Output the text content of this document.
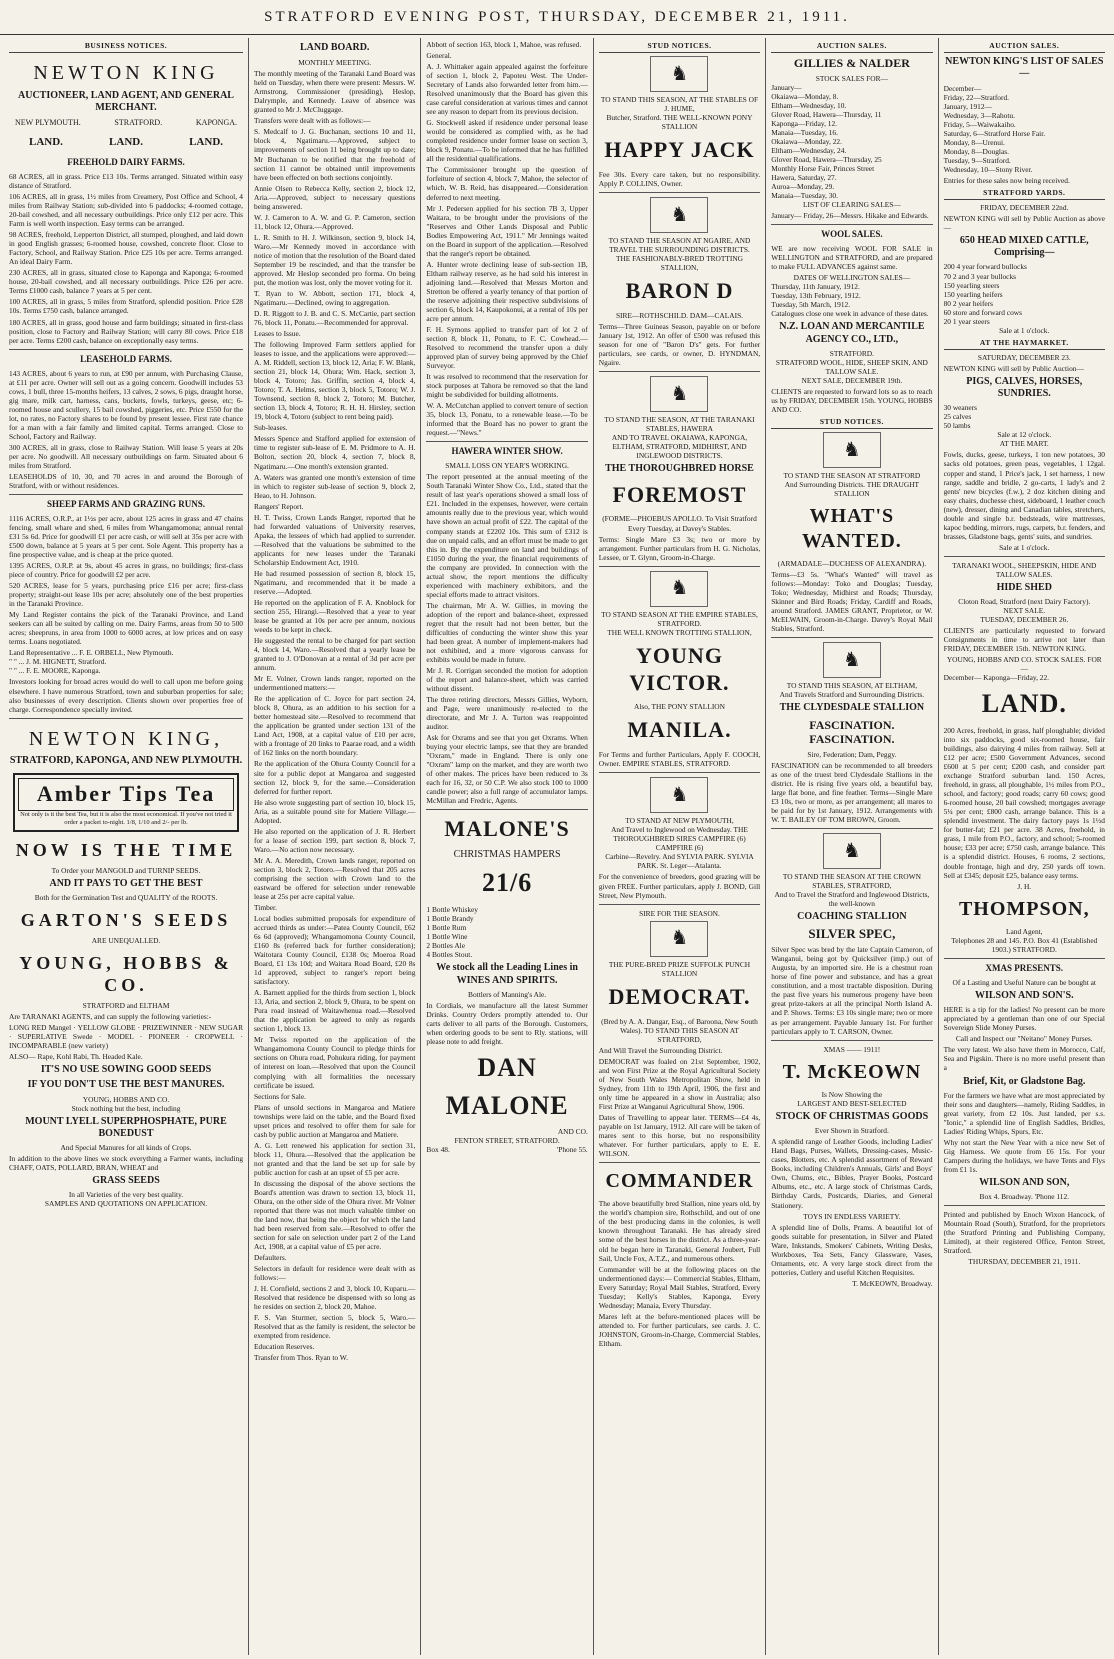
STRATFORD EVENING POST, THURSDAY, DECEMBER 21, 1911.
BUSINESS NOTICES.
NEWTON KING
AUCTIONEER, LAND AGENT, AND GENERAL MERCHANT.
NEW PLYMOUTH.	STRATFORD.	KAPONGA.
LAND.	LAND.	LAND.
FREEHOLD DAIRY FARMS.

68 ACRES, all in grass. Price £13 10s. Terms arranged. Situated within easy distance of Stratford.

106 ACRES, all in grass, 1½ miles from Creamery, Post Office and School, 4 miles from Railway Station; sub-divided into 6 paddocks; 4-roomed cottage, 20-bail cowshed, and all necessary outbuildings. Price only £12 per acre. This Farm is well worth inspection. Easy terms can be arranged.

98 ACRES, freehold, Lepperton District, all stumped, ploughed, and laid down in good English grasses; 6-roomed house, cowshed, concrete floor. Close to Factory, School, and Railway Station. Price £25 10s per acre. Terms arranged. An ideal Dairy Farm.

230 ACRES, all in grass, situated close to Kaponga and Kaponga; 6-roomed house, 20-bail cowshed, and all necessary outbuildings. Price £26 per acre. Terms £1000 cash, balance 7 years at 5 per cent.

100 ACRES, all in grass, 5 miles from Stratford, splendid position. Price £28 10s. Terms £750 cash, balance arranged.

180 ACRES, all in grass, good house and farm buildings; situated in first-class position, close to Factory and Railway Station; will carry 80 cows. Price £18 per acre. Terms £200 cash, balance on exceptionally easy terms.

LEASEHOLD FARMS.

143 ACRES, about 6 years to run, at £90 per annum, with Purchasing Clause, at £11 per acre. Owner will sell out as a going concern. Goodwill includes 53 cows, 1 bull, three 15-months heifers, 13 calves, 2 sows, 6 pigs, draught horse, gig mare, milk cart, harness, cans, buckets, fowls, turkeys, geese, etc; 6-roomed house and scullery, 15 bail cowshed, piggeries, etc. Price £550 for the lot, no rates, no Factory shares to be found by present lessee. First rate chance for a man with a fair family and limited capital. Terms arranged. Close to School, Factory and Railway.

300 ACRES, all in grass, close to Railway Station. Will lease 5 years at 20s per acre. No goodwill. All necessary outbuildings on farm. Situated about 6 miles from Stratford.

LEASEHOLDS of 10, 30, and 70 acres in and around the Borough of Stratford, with or without residences.

SHEEP FARMS AND GRAZING RUNS.

1116 ACRES, O.R.P., at 1½s per acre, about 125 acres in grass and 47 chains fencing, small whare and shed, 6 miles from Whangamomona; annual rental £31 5s 6d. Price for goodwill £1 per acre cash, or will sell at 35s per acre with £500 down, balance at 5 years at 5 per cent. Sole Agent. This property has a fine prospective value, and is cheap at the price quoted.

1395 ACRES, O.R.P. at 9s, about 45 acres in grass, no buildings; first-class piece of country. Price for goodwill £2 per acre.

520 ACRES, lease for 5 years, purchasing price £16 per acre; first-class property; straight-out lease 10s per acre; absolutely one of the best properties in the Taranaki Province.

My Land Register contains the pick of the Taranaki Province, and Land seekers can all be suited by calling on me. Dairy Farms, areas from 50 to 500 acres; sheepruns, in area from 1000 to 6000 acres, at low prices and on easy terms. Loans negotiated.

Land Representative ... F. E. ORBELL, New Plymouth.
" " ... J. M. HIGNETT, Stratford.
" " ... F. E. MOORE, Kaponga.

Investors looking for broad acres would do well to call upon me before going elsewhere. I have numerous Stratford, town and suburban properties for sale; also businesses of every description. Clients shown over properties free of charge. Correspondence specially invited.

NEWTON KING,
STRATFORD, KAPONGA, AND NEW PLYMOUTH.
Amber Tips Tea
Not only is it the best Tea, but it is also the most economical. If you've not tried it order a packet to-night. 1/8, 1/10 and 2/- per lb.
NOW IS THE TIME
To Order your MANGOLD and TURNIP SEEDS.
AND IT PAYS TO GET THE BEST
Both for the Germination Test and QUALITY of the ROOTS.
GARTON'S SEEDS
ARE UNEQUALLED.
YOUNG, HOBBS & CO.
STRATFORD and ELTHAM

Are TARANAKI AGENTS, and can supply the following varieties:-

LONG RED Mangel · YELLOW GLOBE · PRIZEWINNER · NEW SUGAR · SUPERLATIVE Swede · MODEL · PIONEER · CROPWELL · INCOMPARABLE (new variety)

ALSO— Rape, Kohl Rabi, Th. Headed Kale.

IT'S NO USE SOWING GOOD SEEDS
IF YOU DON'T USE THE BEST MANURES.
YOUNG, HOBBS AND CO.
Stock nothing but the best, including
MOUNT LYELL SUPERPHOSPHATE, PURE BONEDUST
And Special Manures for all kinds of Crops.

In addition to the above lines we stock everything a Farmer wants, including CHAFF, OATS, POLLARD, BRAN, WHEAT and

GRASS SEEDS
In all Varieties of the very best quality.
SAMPLES AND QUOTATIONS ON APPLICATION.
LAND BOARD.
MONTHLY MEETING.

The monthly meeting of the Taranaki Land Board was held on Tuesday, when there were present: Messrs. W. Armstrong, Commissioner (presiding), Heslop, Dalrymple, and Kennedy. Leave of absence was granted to Mr J. McCluggage.

Transfers were dealt with as follows:—

S. Medcalf to J. G. Buchanan, sections 10 and 11, block 4, Ngatimaru.—Approved, subject to improvements of section 11 being brought up to date; Mr Buchanan to be notified that the freehold of section 11 cannot be obtained until improvements have been effected on both sections conjointly.

Annie Olsen to Rebecca Kelly, section 2, block 12, Aria.—Approved, subject to necessary questions being answered.

W. J. Cameron to A. W. and G. P. Cameron, section 11, block 12, Ohura.—Approved.

L. R. Smith to H. J. Wilkinson, section 9, block 14, Waro.—Mr Kennedy moved in accordance with notice of motion that the resolution of the Board dated September 19 be rescinded, and that the transfer be approved. Mr Heslop seconded pro forma. On being put, the motion was lost, only the mover voting for it.

T. Ryan to W. Abbott, section 171, block 4, Ngatimaru.—Declined, owing to aggregation.

D. R. Riggott to J. B. and C. S. McCartie, part section 76, block 11, Ponatu.—Recommended for approval.

Leases to Issue.

The following Improved Farm settlers applied for leases to issue, and the applications were approved:—A. M. Riddell, section 13, block 12, Aria; F. W. Blank, section 21, block 14, Ohura; Wm. Hack, section 3, block 4, Totoro; Jas. Griffin, section 4, block 4, Totoro; T. A. Helms, section 3, block 5, Totoro; W. J. Townsend, section 8, block 2, Totoro; M. Butcher, section 13, block 4, Totoro; R. H. H. Hirsley, section 19, block 4, Totoro (subject to rent being paid).

Sub-leases.

Messrs Spence and Stafford applied for extension of time to register sub-lease of E. M. Pridmore to A. H. Bolton, section 20, block 4, section 7, block 8, Ngatimaru.—One month's extension granted.

A. Waters was granted one month's extension of time in which to register sub-lease of section 9, block 2, Heao, to H. Johnson.

Rangers' Report.

H. T. Twiss, Crown Lands Ranger, reported that he had forwarded valuations of University reserves, Apaka, the lessees of which had applied to surrender.—Resolved that the valuations be submitted to the applicants for new leases under the Taranaki Scholarship Endowment Act, 1910.

He had resumed possession of section 8, block 15, Ngatimaru, and recommended that it be made a reserve.—Adopted.

He reported on the application of F. A. Knoblock for section 255, Hirangi.—Resolved that a year to year lease be granted at 10s per acre per annum, noxious weeds to be kept in check.

He suggested the rental to be charged for part section 4, block 14, Waro.—Resolved that a yearly lease be granted to J. O'Donovan at a rental of 3d per acre per annum.

Mr E. Volner, Crown lands ranger, reported on the undermentioned matters:—

Re the application of C. Joyce for part section 24, block 8, Ohura, as an addition to his section for a better homestead site.—Resolved to recommend that the application be granted under section 131 of the Land Act, 1908, at a capital value of £10 per acre, with a frontage of 20 links to Paarae road, and a width of 162 links on the north boundary.

Re the application of the Ohura County Council for a site for a public depot at Mangaroa and suggested section 12, block 9, for the same.—Consideration deferred for further report.

He also wrote suggesting part of section 10, block 15, Aria, as a suitable pound site for Matiere Village.—Adopted.

He also reported on the application of J. R. Herbert for a lease of section 199, part section 8, block 7, Waro.—No action now necessary.

Mr A. A. Meredith, Crown lands ranger, reported on section 3, block 2, Totoro.—Resolved that 205 acres comprising the section with Crown land to the eastward be offered for selection under renewable lease at 25s per acre capital value.

Timber.

Local bodies submitted proposals for expenditure of accrued thirds as under:—Patea County Council, £62 6s 6d (approved); Whangamomona County Council, £160 8s (referred back for further consideration); Waitotara County Council, £138 0s; Moeroa Road Board, £1 13s 10d; and Waitara Road Board, £20 8s 1d approved, subject to ranger's report being satisfactory.

A. Barnett applied for the thirds from section 1, block 13, Aria, and section 2, block 9, Ohura, to be spent on Pura road instead of Waitawhenua road.—Resolved that the application be agreed to only as regards section 1, block 13.

Mr Twiss reported on the application of the Whangamomona County Council to pledge thirds for sections on Ohura road, Pohukura riding, for payment of interest on loan.—Resolved that upon the Council complying with all formalities the necessary certificate be issued.

Sections for Sale.

Plans of unsold sections in Mangaroa and Matiere townships were laid on the table, and the Board fixed upset prices and resolved to offer them for sale for cash by public auction at Mangaroa and Matiere.

A. G. Lett renewed his application for section 31, block 11, Ohura.—Resolved that the application be not granted and that the land be set up for sale by public auction for cash at an upset of £5 per acre.

In discussing the disposal of the above sections the Board's attention was drawn to section 13, block 11, Ohura, on the other side of the Ohura river. Mr Volner reported that there was not much valuable timber on the land now, that being the object for which the land had been reserved from sale.—Resolved to offer the section for sale on selection under part 2 of the Land Act, 1908, at a capital value of £5 per acre.

Defaulters.

Selectors in default for residence were dealt with as follows:—

J. H. Cornfield, sections 2 and 3, block 10, Kuparu.—Resolved that residence be dispensed with so long as he resides on section 2, block 20, Mahoe.

F. S. Van Sturmer, section 5, block 5, Waro.—Resolved that as the family is resident, the selector be exempted from residence.

Education Reserves.

Transfer from Thos. Ryan to W.

Abbott of section 163, block 1, Mahoe, was refused.

General.

A. J. Whittaker again appealed against the forfeiture of section 1, block 2, Papoteu West. The Under-Secretary of Lands also forwarded letter from him.—Resolved unanimously that the Board has given this case careful consideration at various times and cannot see any reason to depart from its previous decision.

G. Stockwell asked if residence under personal lease would be considered as complied with, as he had completed residence under former lease on section 3, block 9, Ponatu.—To be informed that he has fulfilled all the residential qualifications.

The Commissioner brought up the question of forfeiture of section 4, block 7, Mahoe, the selector of which, W. B. Reid, has disappeared.—Consideration deferred to next meeting.

Mr J. Pedersen applied for his section 7B 3, Upper Waitara, to be brought under the provisions of the "Reserves and Other Lands Disposal and Public Bodies Empowering Act, 1911." Mr Jennings waited on the Board in support of the application.—Resolved that the ranger's report be obtained.

A. Hunter wrote declining lease of sub-section 1B, Eltham railway reserve, as he had sold his interest in adjoining land.—Resolved that Messrs Morton and Stretton be offered a yearly tenancy of that portion of the reserve adjoining their respective subdivisions of section 6, block 14, Kaupokonui, at a rental of 10s per acre per annum.

F. H. Symons applied to transfer part of lot 2 of section 8, block 11, Ponatu, to F. C. Cowhead.—Resolved to recommend the transfer upon a duly approved plan of survey being approved by the Chief Surveyor.

It was resolved to recommend that the reservation for stock purposes at Tahora be removed so that the land might be subdivided for building allotments.

W. A. McCutchan applied to convert tenure of section 35, block 13, Ponatu, to a renewable lease.—To be informed that the Board has no power to grant the request.—"News."

HAWERA WINTER SHOW.
SMALL LOSS ON YEAR'S WORKING.

The report presented at the annual meeting of the South Taranaki Winter Show Co., Ltd., stated that the result of last year's operations showed a small loss of £21. Included in the expenses, however, were certain amounts really due to the previous year, which would have shown an actual profit of £22. The capital of the company stands at £2202 10s. This sum of £312 is due on unpaid calls, and an effort must be made to get this in. By the expenditure on land and buildings of £1050 during the year, the financial requirements of the company are provided. In connection with the actual show, the report mentions the difficulty experienced with machinery exhibitors, and the special efforts made to attract visitors.

The chairman, Mr A. W. Gillies, in moving the adoption of the report and balance-sheet, expressed regret that the result had not been better, but the difficulties of conducting the winter show this year had been great. A number of implement-makers had not exhibited, and a more vigorous canvass for exhibits would be made in future.

Mr J. R. Corrigan seconded the motion for adoption of the report and balance-sheet, which was carried without dissent.

The three retiring directors, Messrs Gillies, Wyborn, and Page, were unanimously re-elected to the directorate, and Mr J. A. Turton was reappointed auditor.

Ask for Oxrams and see that you get Oxrams. When buying your electric lamps, see that they are branded "Oxram," made in England. There is only one "Oxram" lamp on the market, and they are worth two of other makes. The prices have been reduced to 3s each for 16, 32, or 50 C.P. We also stock 100 to 1000 candle power; also a full range of accumulator lamps. McMillan and Fredric, Agents.

MALONE'S
CHRISTMAS HAMPERS
21/6
1 Bottle Whiskey
1 Bottle Brandy
1 Bottle Rum
1 Bottle Wine
2 Bottles Ale
4 Bottles Stout.
We stock all the Leading Lines in WINES AND SPIRITS.
Bottlers of Manning's Ale.

In Cordials, we manufacture all the latest Summer Drinks. Country Orders promptly attended to. Our carts deliver to all parts of the Borough. Customers, when ordering goods to be sent to Rly. stations, will please note to add freight.

DAN
MALONE
AND CO.
FENTON STREET, STRATFORD.
Box 48.	'Phone 55.
STUD NOTICES.
♞
TO STAND THIS SEASON, AT THE STABLES OF J. HUME,
Butcher, Stratford. THE WELL-KNOWN PONY STALLION
HAPPY JACK

Fee 30s. Every care taken, but no responsibility. Apply P. COLLINS, Owner.

♞
TO STAND THE SEASON AT NGAIRE, AND TRAVEL THE SURROUNDING DISTRICTS.
THE FASHIONABLY-BRED TROTTING STALLION,
BARON D
SIRE—ROTHSCHILD. DAM—CALAIS.

Terms—Three Guineas Season, payable on or before January 1st, 1912. An offer of £500 was refused this season for one of "Baron D's" gets. For further particulars, see cards, or owner, D. HYNDMAN, Ngaire.

♞
TO STAND THE SEASON, AT THE TARANAKI STABLES, HAWERA
AND TO TRAVEL OKAIAWA, KAPONGA, ELTHAM, STRATFORD, MIDHIRST, AND INGLEWOOD DISTRICTS.
THE THOROUGHBRED HORSE
FOREMOST
(FORME—PHOEBUS APOLLO. To Visit Stratford Every Tuesday, at Davey's Stables.

Terms: Single Mare £3 3s; two or more by arrangement. Further particulars from H. G. Nicholas, Lessee, or T. Glynn, Groom-in-Charge.

♞
TO STAND SEASON AT THE EMPIRE STABLES, STRATFORD.
THE WELL KNOWN TROTTING STALLION,
YOUNG VICTOR.
Also, THE PONY STALLION
MANILA.

For Terms and further Particulars, Apply F. COOCH, Owner. EMPIRE STABLES, STRATFORD.

♞
TO STAND AT NEW PLYMOUTH,
And Travel to Inglewood on Wednesday. THE THOROUGHBRED SIRES CAMPFIRE (6) CAMPFIRE (6)
Carbine—Revelry. And SYLVIA PARK. SYLVIA PARK. St. Leger—Atalanta.

For the convenience of breeders, good grazing will be given FREE. Further particulars, apply J. BOND, Gill Street, New Plymouth.

SIRE FOR THE SEASON.
♞
THE PURE-BRED PRIZE SUFFOLK PUNCH STALLION
DEMOCRAT.
(Bred by A. A. Dangar, Esq., of Baroona, New South Wales). TO STAND THIS SEASON AT STRATFORD,

And Will Travel the Surrounding District.

DEMOCRAT was foaled on 21st September, 1902, and won First Prize at the Royal Agricultural Society of New South Wales Metropolitan Show, held in Sydney, from 11th to 19th April, 1906, the first and only time he appeared in a show in Australia; also First Prize at Wanganui Agricultural Show, 1906.

Dates of Travelling to appear later. TERMS—£4 4s, payable on 1st January, 1912. All care will be taken of mares sent to this horse, but no responsibility whatever. For further particulars, apply to E. E. WILSON.

COMMANDER

The above beautifully bred Stallion, nine years old, by the world's champion sire, Rothschild, and out of one of the best producing dams in the colonies, is well known throughout Taranaki. He has already sired some of the best horses in the district. As a three-year-old he began here in Taranaki, General Joubert, Full Sail, Uncle Fox, A.T.Z., and numerous others.

Commander will be at the following places on the undermentioned days:— Commercial Stables, Eltham, Every Saturday; Royal Mail Stables, Stratford, Every Tuesday; Kelly's Stables, Kaponga, Every Wednesday; Manaia, Every Thursday.

Mares left at the before-mentioned places will be attended to. For further particulars, see cards. J. C. JOHNSTON, Groom-in-Charge, Commercial Stables, Eltham.

AUCTION SALES.
GILLIES & NALDER
STOCK SALES FOR—
January—
Okaiawa—Monday, 8.
Eltham—Wednesday, 10.
Glover Road, Hawera—Thursday, 11
Kaponga—Friday, 12.
Manaia—Tuesday, 16.
Okaiawa—Monday, 22.
Eltham—Wednesday, 24.
Glover Road, Hawera—Thursday, 25
Monthly Horse Fair, Princes Street
Hawera, Saturday, 27.
Auroa—Monday, 29.
Manaia—Tuesday, 30.
LIST OF CLEARING SALES—

January— Friday, 26—Messrs. Hikake and Edwards.

WOOL SALES.

WE are now receiving WOOL FOR SALE in WELLINGTON and STRATFORD, and are prepared to make FULL ADVANCES against same.

DATES OF WELLINGTON SALES—
Thursday, 11th January, 1912.
Tuesday, 13th February, 1912.
Tuesday, 5th March, 1912.
Catalogues close one week in advance of these dates.
N.Z. LOAN AND MERCANTILE AGENCY CO., LTD.,
STRATFORD.
STRATFORD WOOL, HIDE, SHEEP SKIN, AND TALLOW SALE.
NEXT SALE, DECEMBER 19th.

CLIENTS are requested to forward lots so as to reach us by FRIDAY, DECEMBER 15th. YOUNG, HOBBS AND CO.

STUD NOTICES.
♞
TO STAND THE SEASON AT STRATFORD
And Surrounding Districts. THE DRAUGHT STALLION
WHAT'S WANTED.
(ARMADALE—DUCHESS OF ALEXANDRA).

Terms—£3 5s. "What's Wanted" will travel as follows:—Monday: Toko and Douglas; Tuesday, Toko; Wednesday, Midhirst and Roads; Thursday, Skinner and Bird Roads; Friday, Cardiff and Roads, around Stratford. JAMES GRANT, Proprietor, or W. McELWAIN, Groom-in-Charge. Davey's Royal Mail Stables, Stratford.

♞
TO STAND THIS SEASON, AT ELTHAM,
And Travels Stratford and Surrounding Districts.
THE CLYDESDALE STALLION
FASCINATION. FASCINATION.
Sire, Federation; Dam, Peggy.

FASCINATION can be recommended to all breeders as one of the truest bred Clydesdale Stallions in the district. He is rising five years old, a beautiful bay, large flat bone, and fine feather. Terms—Single Mare £3 10s, two or more, as per arrangement; all mares to be paid for by 1st January, 1912. Arrangements with W. T. BAILEY OF TOM BROWN, Groom.

♞
TO STAND THE SEASON AT THE CROWN STABLES, STRATFORD,
And to Travel the Stratford and Inglewood Districts, the well-known
COACHING STALLION
SILVER SPEC,

Silver Spec was bred by the late Captain Cameron, of Wanganui, being got by Quicksilver (imp.) out of Augusta, by an imported sire. He is a chestnut roan horse of fine power and substance, and has a great constitution, and a most tractable disposition. During the past five years his numerous progeny have been great prize-takers at all the principal North Island A. and P. Shows. Terms: £3 10s single mare; two or more as per arrangement. Payable January 1st. For further particulars apply to T. CARSON, Owner.

XMAS —— 1911!
T. McKEOWN
Is Now Showing the
LARGEST AND BEST-SELECTED
STOCK OF CHRISTMAS GOODS
Ever Shown in Stratford.

A splendid range of Leather Goods, including Ladies' Hand Bags, Purses, Wallets, Dressing-cases, Music-cases, Blotters, etc. A splendid assortment of Reward Books, including Children's Annuals, Girls' and Boys' Own, Chums, etc., Bibles, Prayer Books, Postcard Albums, etc., etc. A large stock of Christmas Cards, Birthday Cards, Postcards, Diaries, and General Stationery.

TOYS IN ENDLESS VARIETY.

A splendid line of Dolls, Prams. A beautiful lot of goods suitable for presentation, in Silver and Plated Ware, Inkstands, Smokers' Cabinets, Writing Desks, Workboxes, Tea Sets, Fancy Glassware, Vases, Ornaments, etc. A very large stock direct from the potteries, Cutlery and useful Kitchen Requisites.

T. McKEOWN, Broadway.
AUCTION SALES.
NEWTON KING'S LIST OF SALES—
December—
Friday, 22—Stratford.
January, 1912—
Wednesday, 3—Rahotu.
Friday, 5—Waiwakaiho.
Saturday, 6—Stratford Horse Fair.
Monday, 8—Urenui.
Monday, 8—Douglas.
Tuesday, 9—Stratford.
Wednesday, 10—Stony River.

Entries for these sales now being received.

STRATFORD YARDS.
FRIDAY, DECEMBER 22nd.

NEWTON KING will sell by Public Auction as above—

650 HEAD MIXED CATTLE, Comprising—
200 4 year forward bullocks
70 2 and 3 year bullocks
150 yearling steers
150 yearling heifers
80 2 year heifers
60 store and forward cows
20 1 year steers
Sale at 1 o'clock.
AT THE HAYMARKET.
SATURDAY, DECEMBER 23.

NEWTON KING will sell by Public Auction—

PIGS, CALVES, HORSES, SUNDRIES.
30 weaners
25 calves
50 lambs
Sale at 12 o'clock.
AT THE MART.

Fowls, ducks, geese, turkeys, 1 ton new potatoes, 30 sacks old potatoes, green peas, vegetables, 1 12gal. copper and stand, 1 Price's jack, 1 set harness, 1 new range, saddle and bridle, 2 go-carts, 1 lady's and 2 gents' new bicycles (f.w.), 2 doz kitchen dining and easy chairs, duchesse chest, sideboard, 1 leather couch (new), dresser, dining and Canadian tables, stretchers, double and single b.r. bedsteads, wire mattresses, kapoc bedding, mirrors, rugs, carpets, b.r. fenders, and brasses, Gladstone bags, gents' suits, and sundries.

Sale at 1 o'clock.
TARANAKI WOOL, SHEEPSKIN, HIDE AND TALLOW SALES.
HIDE SHED
Cloton Road, Stratford (next Dairy Factory).
NEXT SALE.
TUESDAY, DECEMBER 26.

CLIENTS are particularly requested to forward Consignments in time to arrive not later than FRIDAY, DECEMBER 15th. NEWTON KING.

YOUNG, HOBBS AND CO. STOCK SALES. FOR—
December— Kaponga—Friday, 22.
LAND.

200 Acres, freehold, in grass, half ploughable; divided into six paddocks, good six-roomed house, fair buildings, also dairying 4 miles from railway. Sell at £12 per acre; £500 Government Advances, second £600 at 5 per cent; £200 cash, and consider part exchange Stratford suburban land. 150 Acres, freehold, in grass, all ploughable, 1½ miles from P.O., school, and factory; good roads; carry 60 cows; good 6-roomed house, 20 bail cowshed; mortgages average 5¼ per cent; £800 cash, arrange balance. This is a splendid investment. The dairy factory pays 1s 1½d for butter-fat; £21 per acre. 38 Acres, freehold, in grass, 1 mile from P.O., factory, and school; 5-roomed house; £33 per acre; £750 cash, arrange balance. This is a splendid district. Houses, 6 rooms, 2 sections, double frontage, high and dry, 250 yards off town. Sell at £345; deposit £25, balance easy terms.

J. H.
THOMPSON,
Land Agent,
Telephones 28 and 145. P.O. Box 41 (Established 1903.) STRATFORD.
XMAS PRESENTS.
Of a Lasting and Useful Nature can be bought at
WILSON AND SON'S.

HERE is a tip for the ladies! No present can be more appreciated by a gentleman than one of our Special Sovereign Slide Money Purses.

Call and Inspect our "Neitano" Money Purses.

The very latest. We also have them in Morocco, Calf, Sea and Pigskin. There is no more useful present than a

Brief, Kit, or Gladstone Bag.

For the farmers we have what are most appreciated by their sons and daughters—namely, Riding Saddles, in great variety, from £2 10s. Just landed, per s.s. "Ionic," a splendid line of English Saddles, Bridles, Ladies' Riding Whips, Spurs, Etc.

Why not start the New Year with a nice new Set of Gig Harness. We quote from £6 15s. For your Campers during the holidays, we have Tents and Flys from £1 1s.

WILSON AND SON,
Box 4. Broadway. 'Phone 112.

Printed and published by Enoch Wixon Hancock, of Mountain Road (South), Stratford, for the proprietors (the Stratford Printing and Publishing Company, Limited), at their registered Office, Fenton Street, Stratford.

THURSDAY, DECEMBER 21, 1911.
